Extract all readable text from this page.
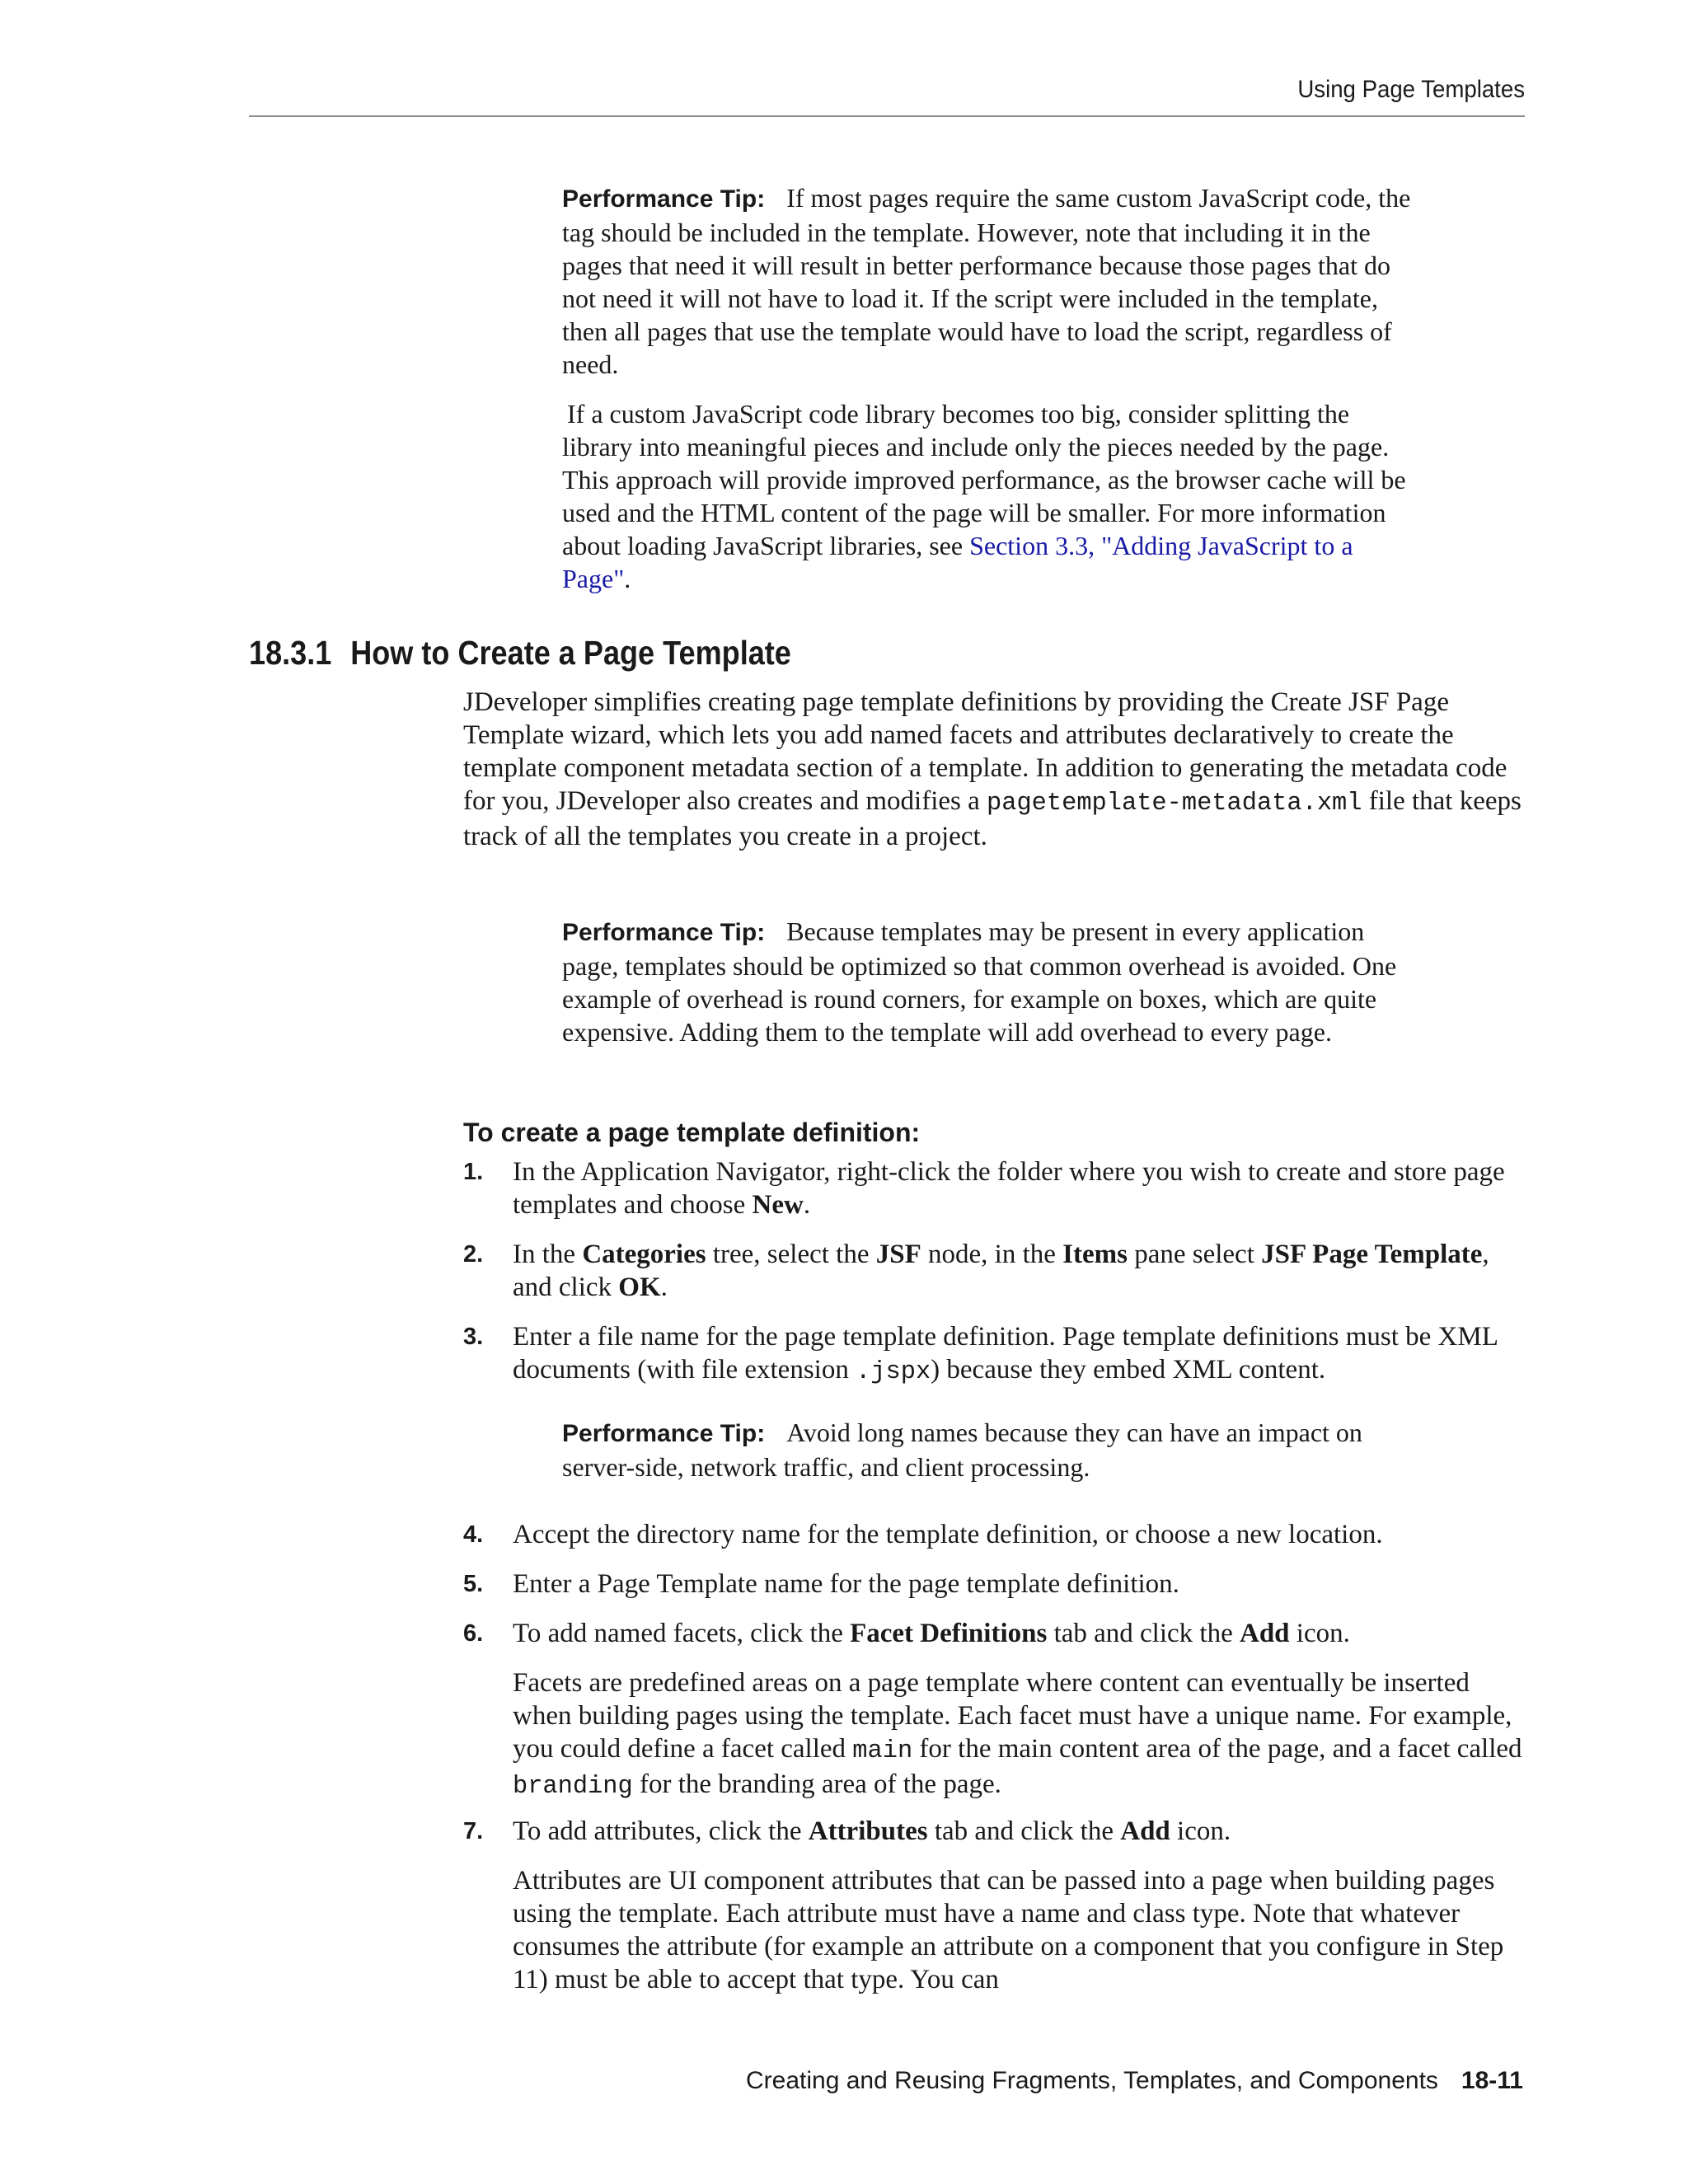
Using Page Templates

Performance Tip: If most pages require the same custom JavaScript code, the tag should be included in the template. However, note that including it in the pages that need it will result in better performance because those pages that do not need it will not have to load it. If the script were included in the template, then all pages that use the template would have to load the script, regardless of need.

If a custom JavaScript code library becomes too big, consider splitting the library into meaningful pieces and include only the pieces needed by the page. This approach will provide improved performance, as the browser cache will be used and the HTML content of the page will be smaller. For more information about loading JavaScript libraries, see Section 3.3, "Adding JavaScript to a Page".

18.3.1 How to Create a Page Template

JDeveloper simplifies creating page template definitions by providing the Create JSF Page Template wizard, which lets you add named facets and attributes declaratively to create the template component metadata section of a template. In addition to generating the metadata code for you, JDeveloper also creates and modifies a pagetemplate-metadata.xml file that keeps track of all the templates you create in a project.

Performance Tip: Because templates may be present in every application page, templates should be optimized so that common overhead is avoided. One example of overhead is round corners, for example on boxes, which are quite expensive. Adding them to the template will add overhead to every page.

To create a page template definition:
1. In the Application Navigator, right-click the folder where you wish to create and store page templates and choose New.
2. In the Categories tree, select the JSF node, in the Items pane select JSF Page Template, and click OK.
3. Enter a file name for the page template definition. Page template definitions must be XML documents (with file extension .jspx) because they embed XML content.

Performance Tip: Avoid long names because they can have an impact on server-side, network traffic, and client processing.

4. Accept the directory name for the template definition, or choose a new location.
5. Enter a Page Template name for the page template definition.
6. To add named facets, click the Facet Definitions tab and click the Add icon.
Facets are predefined areas on a page template where content can eventually be inserted when building pages using the template. Each facet must have a unique name. For example, you could define a facet called main for the main content area of the page, and a facet called branding for the branding area of the page.
7. To add attributes, click the Attributes tab and click the Add icon.
Attributes are UI component attributes that can be passed into a page when building pages using the template. Each attribute must have a name and class type. Note that whatever consumes the attribute (for example an attribute on a component that you configure in Step 11) must be able to accept that type. You can
Creating and Reusing Fragments, Templates, and Components 18-11
